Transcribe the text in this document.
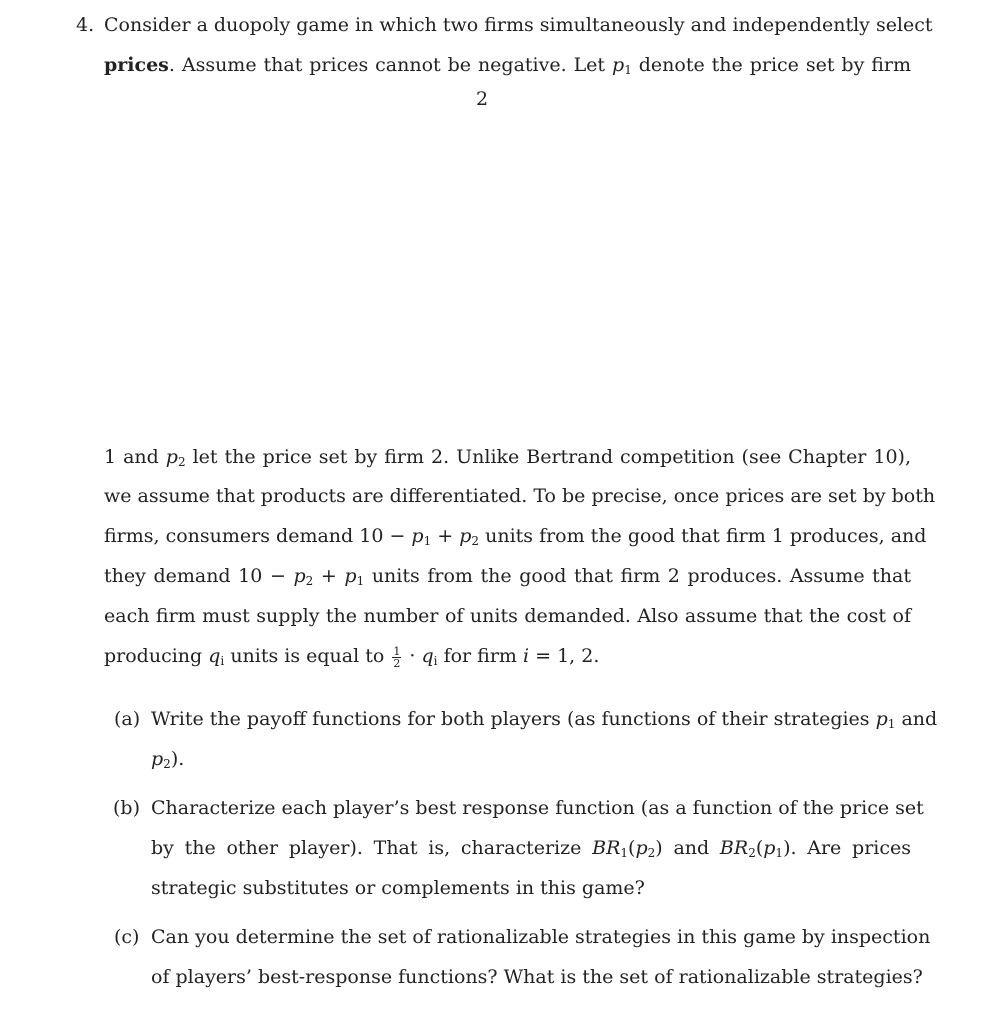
4. Consider a duopoly game in which two firms simultaneously and independently select
prices. Assume that prices cannot be negative. Let $p_1$ denote the price set by firm
2
1 and $p_2$ let the price set by firm 2. Unlike Bertrand competition (see Chapter 10),
we assume that products are differentiated. To be precise, once prices are set by both
firms, consumers demand $10 - p_1 + p_2$ units from the good that firm 1 produces, and
they demand $10 - p_2 + p_1$ units from the good that firm 2 produces. Assume that
each firm must supply the number of units demanded. Also assume that the cost of
producing $q_i$ units is equal to $\frac{1}{2} \cdot q_i$ for firm i = 1, 2.
(a) Write the payoff functions for both players (as functions of their strategies $p_1$ and
$p_2$).
(b) Characterize each player’s best response function (as a function of the price set
by the other player). That is, characterize $BR_1(p_2)$ and $BR_2(p_1)$. Are prices
strategic substitutes or complements in this game?
(c) Can you determine the set of rationalizable strategies in this game by inspection
of players’ best-response functions? What is the set of rationalizable strategies?
